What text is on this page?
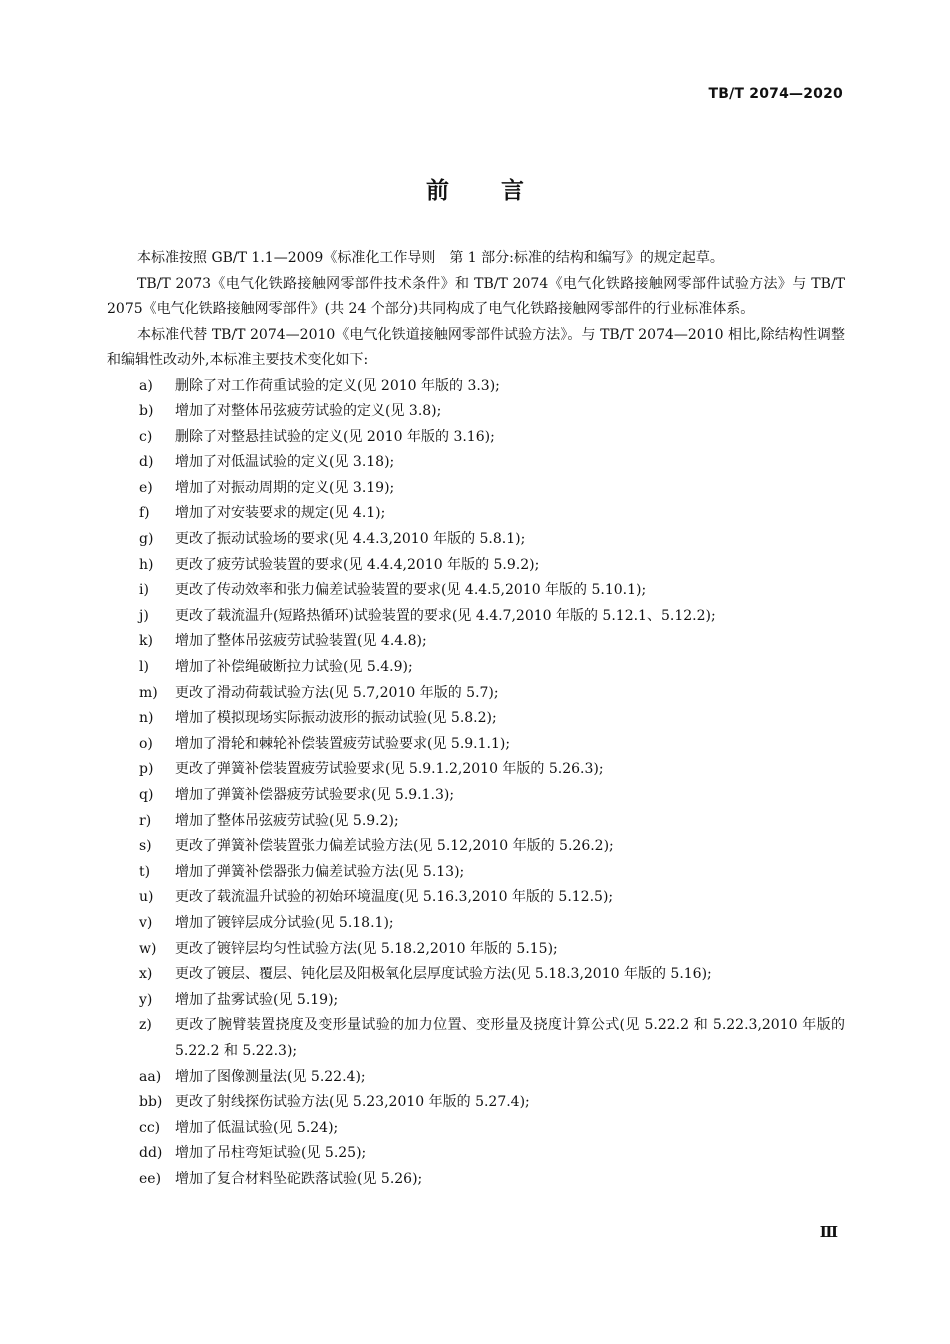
TB/T 2074—2020
前言

本标准按照 GB/T 1.1—2009《标准化工作导则　第 1 部分:标准的结构和编写》的规定起草。

TB/T 2073《电气化铁路接触网零部件技术条件》和 TB/T 2074《电气化铁路接触网零部件试验方法》与 TB/T 2075《电气化铁路接触网零部件》(共 24 个部分)共同构成了电气化铁路接触网零部件的行业标准体系。

本标准代替 TB/T 2074—2010《电气化铁道接触网零部件试验方法》。与 TB/T 2074—2010 相比,除结构性调整和编辑性改动外,本标准主要技术变化如下:

a)	删除了对工作荷重试验的定义(见 2010 年版的 3.3);
b)	增加了对整体吊弦疲劳试验的定义(见 3.8);
c)	删除了对整悬挂试验的定义(见 2010 年版的 3.16);
d)	增加了对低温试验的定义(见 3.18);
e)	增加了对振动周期的定义(见 3.19);
f)	增加了对安装要求的规定(见 4.1);
g)	更改了振动试验场的要求(见 4.4.3,2010 年版的 5.8.1);
h)	更改了疲劳试验装置的要求(见 4.4.4,2010 年版的 5.9.2);
i)	更改了传动效率和张力偏差试验装置的要求(见 4.4.5,2010 年版的 5.10.1);
j)	更改了载流温升(短路热循环)试验装置的要求(见 4.4.7,2010 年版的 5.12.1、5.12.2);
k)	增加了整体吊弦疲劳试验装置(见 4.4.8);
l)	增加了补偿绳破断拉力试验(见 5.4.9);
m)	更改了滑动荷载试验方法(见 5.7,2010 年版的 5.7);
n)	增加了模拟现场实际振动波形的振动试验(见 5.8.2);
o)	增加了滑轮和棘轮补偿装置疲劳试验要求(见 5.9.1.1);
p)	更改了弹簧补偿装置疲劳试验要求(见 5.9.1.2,2010 年版的 5.26.3);
q)	增加了弹簧补偿器疲劳试验要求(见 5.9.1.3);
r)	增加了整体吊弦疲劳试验(见 5.9.2);
s)	更改了弹簧补偿装置张力偏差试验方法(见 5.12,2010 年版的 5.26.2);
t)	增加了弹簧补偿器张力偏差试验方法(见 5.13);
u)	更改了载流温升试验的初始环境温度(见 5.16.3,2010 年版的 5.12.5);
v)	增加了镀锌层成分试验(见 5.18.1);
w)	更改了镀锌层均匀性试验方法(见 5.18.2,2010 年版的 5.15);
x)	更改了镀层、覆层、钝化层及阳极氧化层厚度试验方法(见 5.18.3,2010 年版的 5.16);
y)	增加了盐雾试验(见 5.19);
z)	更改了腕臂装置挠度及变形量试验的加力位置、变形量及挠度计算公式(见 5.22.2 和 5.22.3,2010 年版的 5.22.2 和 5.22.3);
aa) 增加了图像测量法(见 5.22.4);
bb) 更改了射线探伤试验方法(见 5.23,2010 年版的 5.27.4);
cc)	增加了低温试验(见 5.24);
dd) 增加了吊柱弯矩试验(见 5.25);
ee) 增加了复合材料坠砣跌落试验(见 5.26);
Ⅲ
